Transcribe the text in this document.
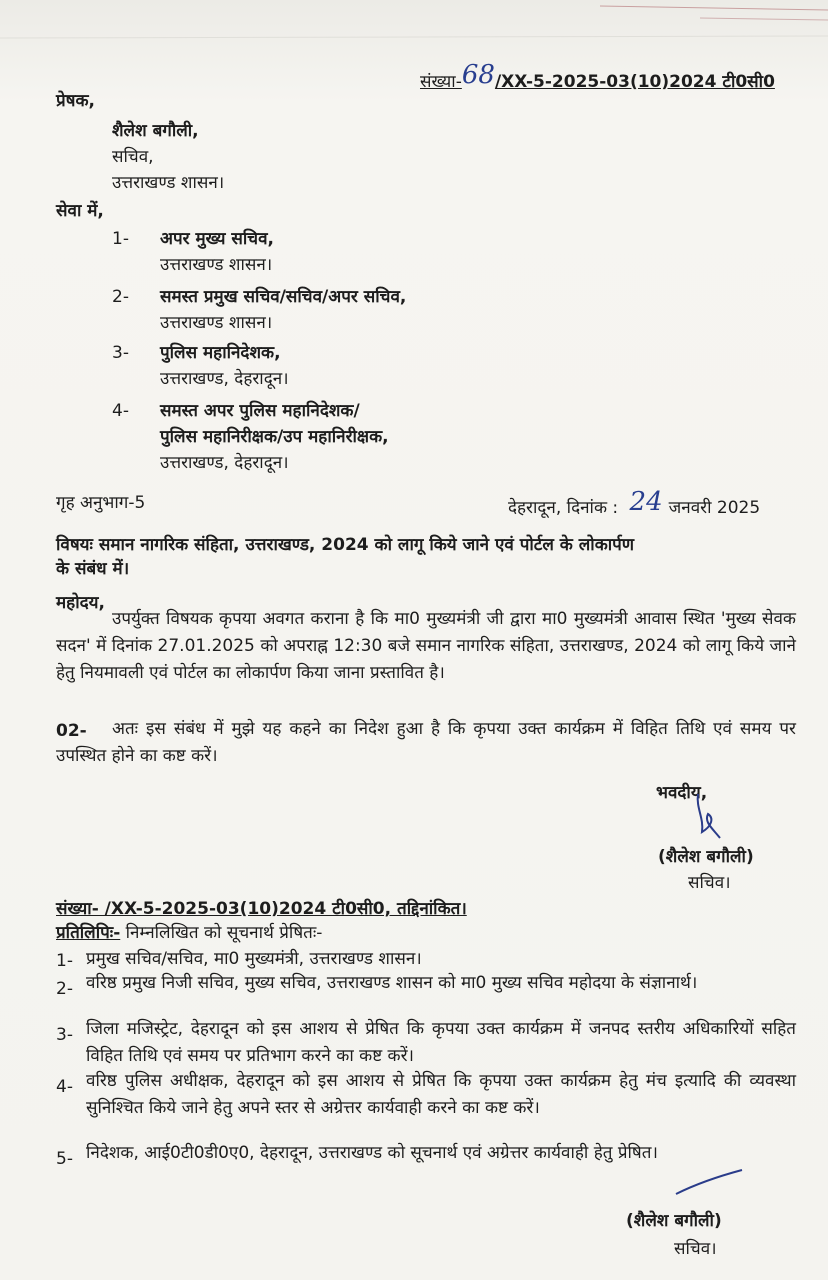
संख्या-68/XX-5-2025-03(10)2024 टी0सी0
प्रेषक,
शैलेश बगौली,
सचिव,
उत्तराखण्ड शासन।
सेवा में,
1- अपर मुख्य सचिव,
उत्तराखण्ड शासन।
2- समस्त प्रमुख सचिव/सचिव/अपर सचिव,
उत्तराखण्ड शासन।
3- पुलिस महानिदेशक,
उत्तराखण्ड, देहरादून।
4- समस्त अपर पुलिस महानिदेशक/
पुलिस महानिरीक्षक/उप महानिरीक्षक,
उत्तराखण्ड, देहरादून।
गृह अनुभाग-5	देहरादून, दिनांक : 24 जनवरी 2025
विषयः समान नागरिक संहिता, उत्तराखण्ड, 2024 को लागू किये जाने एवं पोर्टल के लोकार्पण
के संबंध में।
महोदय,
उपर्युक्त विषयक कृपया अवगत कराना है कि मा0 मुख्यमंत्री जी द्वारा मा0 मुख्यमंत्री आवास स्थित 'मुख्य सेवक सदन' में दिनांक 27.01.2025 को अपराह्न 12:30 बजे समान नागरिक संहिता, उत्तराखण्ड, 2024 को लागू किये जाने हेतु नियमावली एवं पोर्टल का लोकार्पण किया जाना प्रस्तावित है।
02-	अतः इस संबंध में मुझे यह कहने का निदेश हुआ है कि कृपया उक्त कार्यक्रम में विहित तिथि एवं समय पर उपस्थित होने का कष्ट करें।
भवदीय,
(शैलेश बगौली)
सचिव।
संख्या- /XX-5-2025-03(10)2024 टी0सी0, तद्दिनांकित।
प्रतिलिपिः- निम्नलिखित को सूचनार्थ प्रेषितः-
1- प्रमुख सचिव/सचिव, मा0 मुख्यमंत्री, उत्तराखण्ड शासन।
2- वरिष्ठ प्रमुख निजी सचिव, मुख्य सचिव, उत्तराखण्ड शासन को मा0 मुख्य सचिव महोदया के संज्ञानार्थ।
3- जिला मजिस्ट्रेट, देहरादून को इस आशय से प्रेषित कि कृपया उक्त कार्यक्रम में जनपद स्तरीय अधिकारियों सहित विहित तिथि एवं समय पर प्रतिभाग करने का कष्ट करें।
4- वरिष्ठ पुलिस अधीक्षक, देहरादून को इस आशय से प्रेषित कि कृपया उक्त कार्यक्रम हेतु मंच इत्यादि की व्यवस्था सुनिश्चित किये जाने हेतु अपने स्तर से अग्रेत्तर कार्यवाही करने का कष्ट करें।
5- निदेशक, आई0टी0डी0ए0, देहरादून, उत्तराखण्ड को सूचनार्थ एवं अग्रेत्तर कार्यवाही हेतु प्रेषित।
(शैलेश बगौली)
सचिव।
